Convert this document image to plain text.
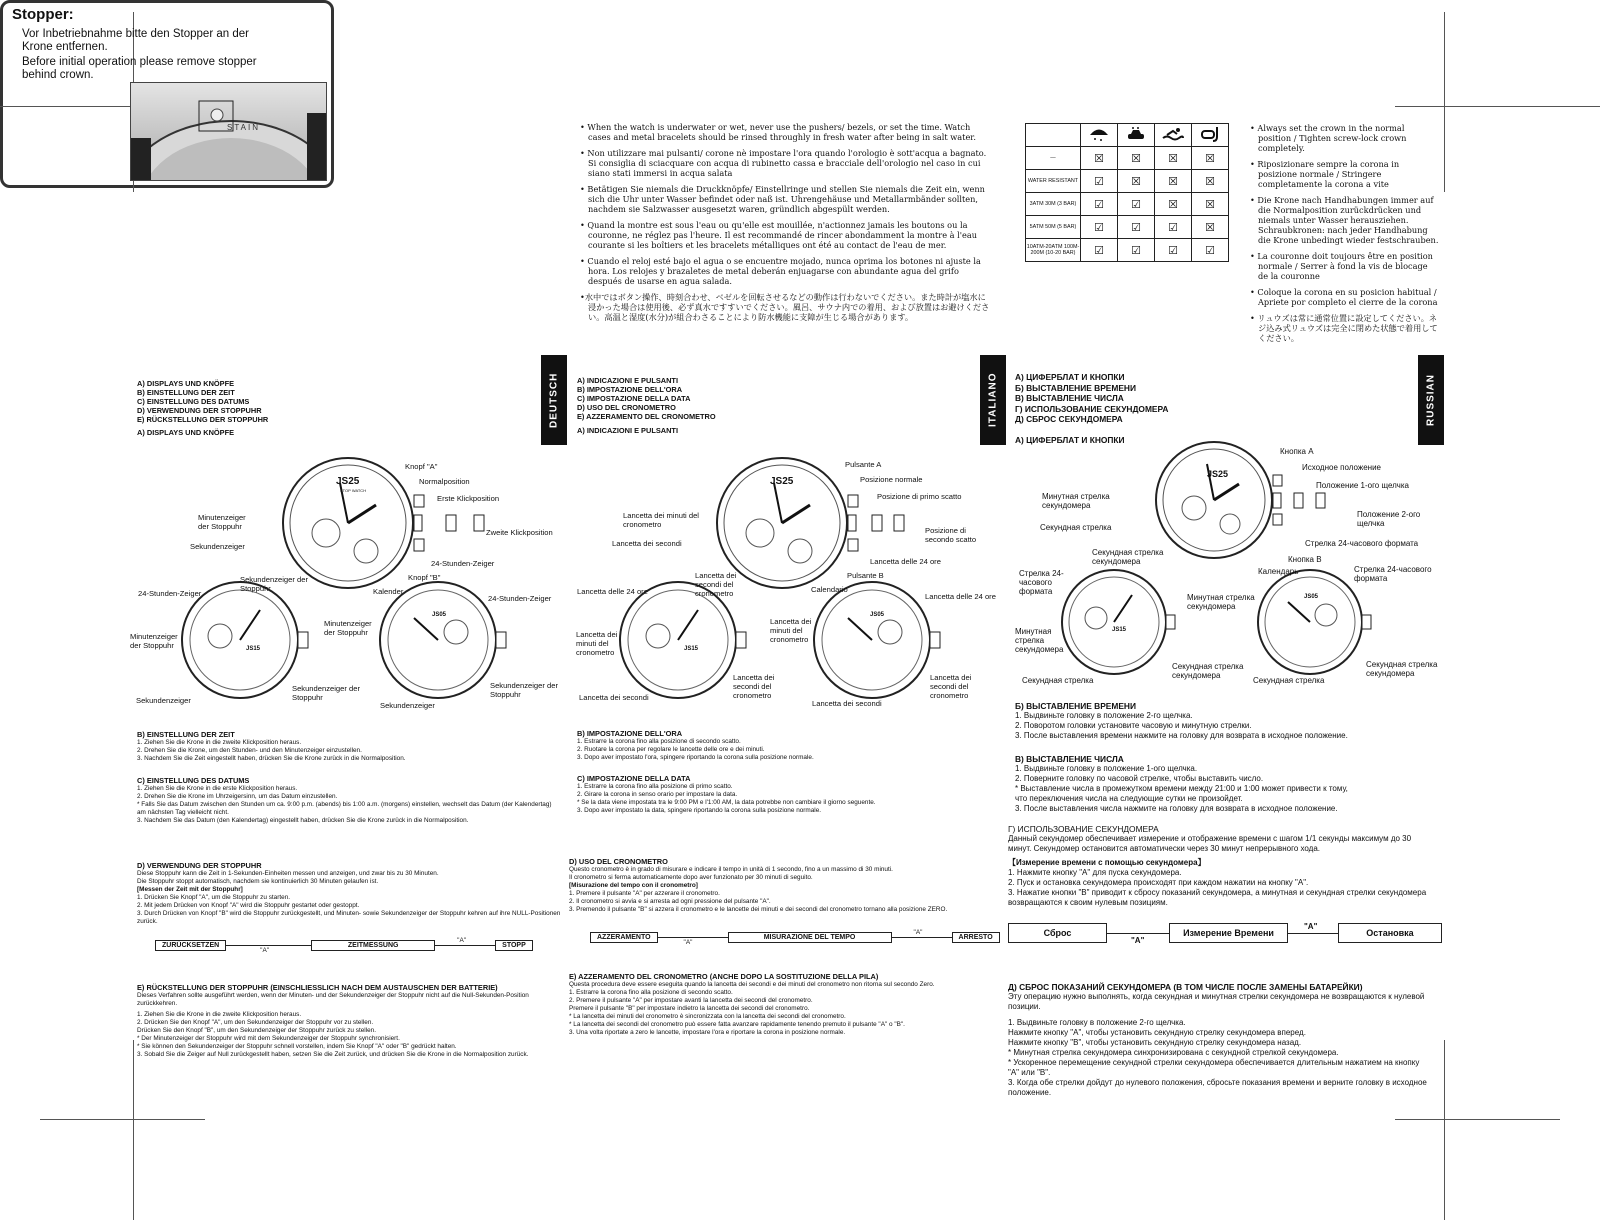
Stopper:
Vor Inbetriebnahme bitte den Stopper an der Krone entfernen.
Before initial operation please remove stopper behind crown.
STAIN	• When the watch is underwater or wet, never use the pushers/ bezels, or set the time. Watch cases and metal bracelets should be rinsed throughly in fresh water after being in salt water.

• Non utilizzare mai pulsanti/ corone nè impostare l'ora quando l'orologio è sott'acqua a bagnato. Si consiglia di sciacquare con acqua di rubinetto cassa e bracciale dell'orologio nel caso in cui siano stati immersi in acqua salata

• Betätigen Sie niemals die Druckknöpfe/ Einstellringe und stellen Sie niemals die Zeit ein, wenn sich die Uhr unter Wasser befindet oder naß ist. Uhrengehäuse und Metallarmbänder sollten, nachdem sie Salzwasser ausgesetzt waren, gründlich abgespült werden.

• Quand la montre est sous l'eau ou qu'elle est mouillée, n'actionnez jamais les boutons ou la couronne, ne réglez pas l'heure. Il est recommandé de rincer abondamment la montre à l'eau courante si les boîtiers et les bracelets métalliques ont été au contact de l'eau de mer.

• Cuando el reloj esté bajo el agua o se encuentre mojado, nunca oprima los botones ni ajuste la hora. Los relojes y brazaletes de metal deberán enjuagarse con abundante agua del grifo después de usarse en agua salada.

•水中ではボタン操作、時刻合わせ、ベゼルを回転させるなどの動作は行わないでください。また時計が塩水に浸かった場合は使用後、必ず真水ですすいでください。風呂、サウナ内での着用、および放置はお避けください。高温と湿度(水分)が組合わさることにより防水機能に支障が生じる場合があります。

—	☒	☒	☒	☒
WATER RESISTANT	☑	☒	☒	☒
3ATM 30M (3 BAR)	☑	☑	☒	☒
5ATM 50M (5 BAR)	☑	☑	☑	☒
10ATM-20ATM 100M-200M (10-20 BAR)	☑	☑	☑	☑

• Always set the crown in the normal position / Tighten screw-lock crown completely.

• Riposizionare sempre la corona in posizione normale / Stringere completamente la corona a vite

• Die Krone nach Handhabungen immer auf die Normalposition zurückdrücken und niemals unter Wasser herausziehen. Schraubkronen: nach jeder Handhabung die Krone unbedingt wieder festschrauben.

• La couronne doit toujours être en position normale / Serrer à fond la vis de blocage de la couronne

• Coloque la corona en su posicion habitual / Apriete por completo el cierre de la corona

• リュウズは常に通常位置に設定してください。ネジ込み式リュウズは完全に閉めた状態で着用してください。

DEUTSCH	ITALIANO	RUSSIAN
A) DISPLAYS UND KNÖPFE
B) EINSTELLUNG DER ZEIT
C) EINSTELLUNG DES DATUMS
D) VERWENDUNG DER STOPPUHR
E) RÜCKSTELLUNG DER STOPPUHR
A) DISPLAYS UND KNÖPFE
JS25
STOP WATCH
JS15
JS05
Knopf "A"
Normalposition
Erste Klickposition
Zweite Klickposition
Minutenzeiger der Stoppuhr
Sekundenzeiger
24-Stunden-Zeiger
Knopf "B"
Sekundenzeiger der Stoppuhr	Kalender
24-Stunden-Zeiger
24-Stunden-Zeiger
Minutenzeiger der Stoppuhr
Minutenzeiger der Stoppuhr
Sekundenzeiger der Stoppuhr
Sekundenzeiger der Stoppuhr
Sekundenzeiger
Sekundenzeiger
B) EINSTELLUNG DER ZEIT

1. Ziehen Sie die Krone in die zweite Klickposition heraus.

2. Drehen Sie die Krone, um den Stunden- und den Minutenzeiger einzustellen.

3. Nachdem Sie die Zeit eingestellt haben, drücken Sie die Krone zurück in die Normalposition.

C) EINSTELLUNG DES DATUMS

1. Ziehen Sie die Krone in die erste Klickposition heraus.

2. Drehen Sie die Krone im Uhrzeigersinn, um das Datum einzustellen.

* Falls Sie das Datum zwischen den Stunden um ca. 9:00 p.m. (abends) bis 1:00 a.m. (morgens) einstellen, wechselt das Datum (der Kalendertag) am nächsten Tag vielleicht nicht.

3. Nachdem Sie das Datum (den Kalendertag) eingestellt haben, drücken Sie die Krone zurück in die Normalposition.

D) VERWENDUNG DER STOPPUHR

Diese Stoppuhr kann die Zeit in 1-Sekunden-Einheiten messen und anzeigen, und zwar bis zu 30 Minuten.

Die Stoppuhr stoppt automatisch, nachdem sie kontinuierlich 30 Minuten gelaufen ist.

[Messen der Zeit mit der Stoppuhr]

1. Drücken Sie Knopf "A", um die Stoppuhr zu starten.

2. Mit jedem Drücken von Knopf "A" wird die Stoppuhr gestartet oder gestoppt.

3. Durch Drücken von Knopf "B" wird die Stoppuhr zurückgestellt, und Minuten- sowie Sekundenzeiger der Stoppuhr kehren auf ihre NULL-Positionen zurück.

ZURÜCKSETZEN
"A"
ZEITMESSUNG
"A"
STOPP
E) RÜCKSTELLUNG DER STOPPUHR (EINSCHLIESSLICH NACH DEM AUSTAUSCHEN DER BATTERIE)

Dieses Verfahren sollte ausgeführt werden, wenn der Minuten- und der Sekundenzeiger der Stoppuhr nicht auf die Null-Sekunden-Position zurückkehren.

1. Ziehen Sie die Krone in die zweite Klickposition heraus.

2. Drücken Sie den Knopf "A", um den Sekundenzeiger der Stoppuhr vor zu stellen.

Drücken Sie den Knopf "B", um den Sekundenzeiger der Stoppuhr zurück zu stellen.

* Der Minutenzeiger der Stoppuhr wird mit dem Sekundenzeiger der Stoppuhr synchronisiert.

* Sie können den Sekundenzeiger der Stoppuhr schnell vorstellen, indem Sie Knopf "A" oder "B" gedrückt halten.

3. Sobald Sie die Zeiger auf Null zurückgestellt haben, setzen Sie die Zeit zurück, und drücken Sie die Krone in die Normalposition zurück.

A) INDICAZIONI E PULSANTI
B) IMPOSTAZIONE DELL'ORA
C) IMPOSTAZIONE DELLA DATA
D) USO DEL CRONOMETRO
E) AZZERAMENTO DEL CRONOMETRO
A) INDICAZIONI E PULSANTI
JS25
JS15
JS05
Pulsante A
Posizione normale
Posizione di primo scatto
Posizione di secondo scatto
Lancetta dei minuti del cronometro
Lancetta dei secondi
Lancetta delle 24 ore
Pulsante B
Lancetta dei secondi del cronometro	Calendario
Lancetta delle 24 ore
Lancetta delle 24 ore
Lancetta dei minuti del cronometro
Lancetta dei minuti del cronometro
Lancetta dei secondi del cronometro
Lancetta dei secondi del cronometro
Lancetta dei secondi
Lancetta dei secondi
B) IMPOSTAZIONE DELL'ORA

1. Estrarre la corona fino alla posizione di secondo scatto.

2. Ruotare la corona per regolare le lancette delle ore e dei minuti.

3. Dopo aver impostato l'ora, spingere riportando la corona sulla posizione normale.

C) IMPOSTAZIONE DELLA DATA

1. Estrarre la corona fino alla posizione di primo scatto.

2. Girare la corona in senso orario per impostare la data.

* Se la data viene impostata tra le 9:00 PM e l'1:00 AM, la data potrebbe non cambiare il giorno seguente.

3. Dopo aver impostato la data, spingere riportando la corona sulla posizione normale.

D) USO DEL CRONOMETRO

Questo cronometro è in grado di misurare e indicare il tempo in unità di 1 secondo, fino a un massimo di 30 minuti.

Il cronometro si ferma automaticamente dopo aver funzionato per 30 minuti di seguito.

[Misurazione del tempo con il cronometro]

1. Premere il pulsante "A" per azzerare il cronometro.

2. Il cronometro si avvia e si arresta ad ogni pressione del pulsante "A".

3. Premendo il pulsante "B" si azzera il cronometro e le lancette dei minuti e dei secondi del cronometro tornano alla posizione ZERO.

AZZERAMENTO
"A"
MISURAZIONE DEL TEMPO
"A"
ARRESTO
E) AZZERAMENTO DEL CRONOMETRO (ANCHE DOPO LA SOSTITUZIONE DELLA PILA)

Questa procedura deve essere eseguita quando la lancetta dei secondi e dei minuti del cronometro non ritorna sul secondo Zero.

1. Estrarre la corona fino alla posizione di secondo scatto.

2. Premere il pulsante "A" per impostare avanti la lancetta dei secondi del cronometro.

Premere il pulsante "B" per impostare indietro la lancetta dei secondi del cronometro.

* La lancetta dei minuti del cronometro è sincronizzata con la lancetta dei secondi del cronometro.

* La lancetta dei secondi del cronometro può essere fatta avanzare rapidamente tenendo premuto il pulsante "A" o "B".

3. Una volta riportate a zero le lancette, impostare l'ora e riportare la corona in posizione normale.

А) ЦИФЕРБЛАТ И КНОПКИ
Б) ВЫСТАВЛЕНИЕ ВРЕМЕНИ
В) ВЫСТАВЛЕНИЕ ЧИСЛА
Г) ИСПОЛЬЗОВАНИЕ СЕКУНДОМЕРА
Д) СБРОС СЕКУНДОМЕРА
А) ЦИФЕРБЛАТ И КНОПКИ
JS25
JS15
JS05
Кнопка А
Исходное положение
Положение 1-ого щелчка
Положение 2-ого щелчка
Минутная стрелка секундомера
Секундная стрелка
Стрелка 24-часового формата
Кнопка В
Секундная стрелка секундомера
Календарь
Стрелка 24-часового формата
Стрелка 24-часового формата
Минутная стрелка секундомера
Минутная стрелка секундомера
Секундная стрелка секундомера
Секундная стрелка секундомера
Секундная стрелка	Секундная стрелка
Б) ВЫСТАВЛЕНИЕ ВРЕМЕНИ
1. Выдвиньте головку в положение 2-го щелчка.
2. Поворотом головки установите часовую и минутную стрелки.
3. После выставления времени нажмите на головку для возврата в исходное положение.
В) ВЫСТАВЛЕНИЕ ЧИСЛА
1. Выдвиньте головку в положение 1-ого щелчка.
2. Поверните головку по часовой стрелке, чтобы выставить число.
* Выставление числа в промежутком времени между 21:00 и 1:00 может привести к тому,
что переключения числа на следующие сутки не произойдет.
3. После выставления числа нажмите на головку для возврата в исходное положение.
Г) ИСПОЛЬЗОВАНИЕ СЕКУНДОМЕРА
Данный секундомер обеспечивает измерение и отображение времени с шагом 1/1 секунды максимум до 30 минут. Секундомер остановится автоматически через 30 минут непрерывного хода.
【Измерение времени с помощью секундомера】
1. Нажмите кнопку "А" для пуска секундомера.
2. Пуск и остановка секундомера происходят при каждом нажатии на кнопку "А".
3. Нажатие кнопки "В" приводит к сбросу показаний секундомера, а минутная и секундная стрелки секундомера возвращаются к своим нулевым позициям.
Сброс
"A"
Измерение Времени
"A"
Остановка
Д) СБРОС ПОКАЗАНИЙ СЕКУНДОМЕРА (В ТОМ ЧИСЛЕ ПОСЛЕ ЗАМЕНЫ БАТАРЕЙКИ)
Эту операцию нужно выполнять, когда секундная и минутная стрелки секундомера не возвращаются к нулевой позиции.
1. Выдвиньте головку в положение 2-го щелчка.
Нажмите кнопку "А", чтобы установить секундную стрелку секундомера вперед.
Нажмите кнопку "В", чтобы установить секундную стрелку секундомера назад.
* Минутная стрелка секундомера синхронизирована с секундной стрелкой секундомера.
* Ускоренное перемещение секундной стрелки секундомера обеспечивается длительным нажатием на кнопку "А" или "В".
3. Когда обе стрелки дойдут до нулевого положения, сбросьте показания времени и верните головку в исходное положение.
